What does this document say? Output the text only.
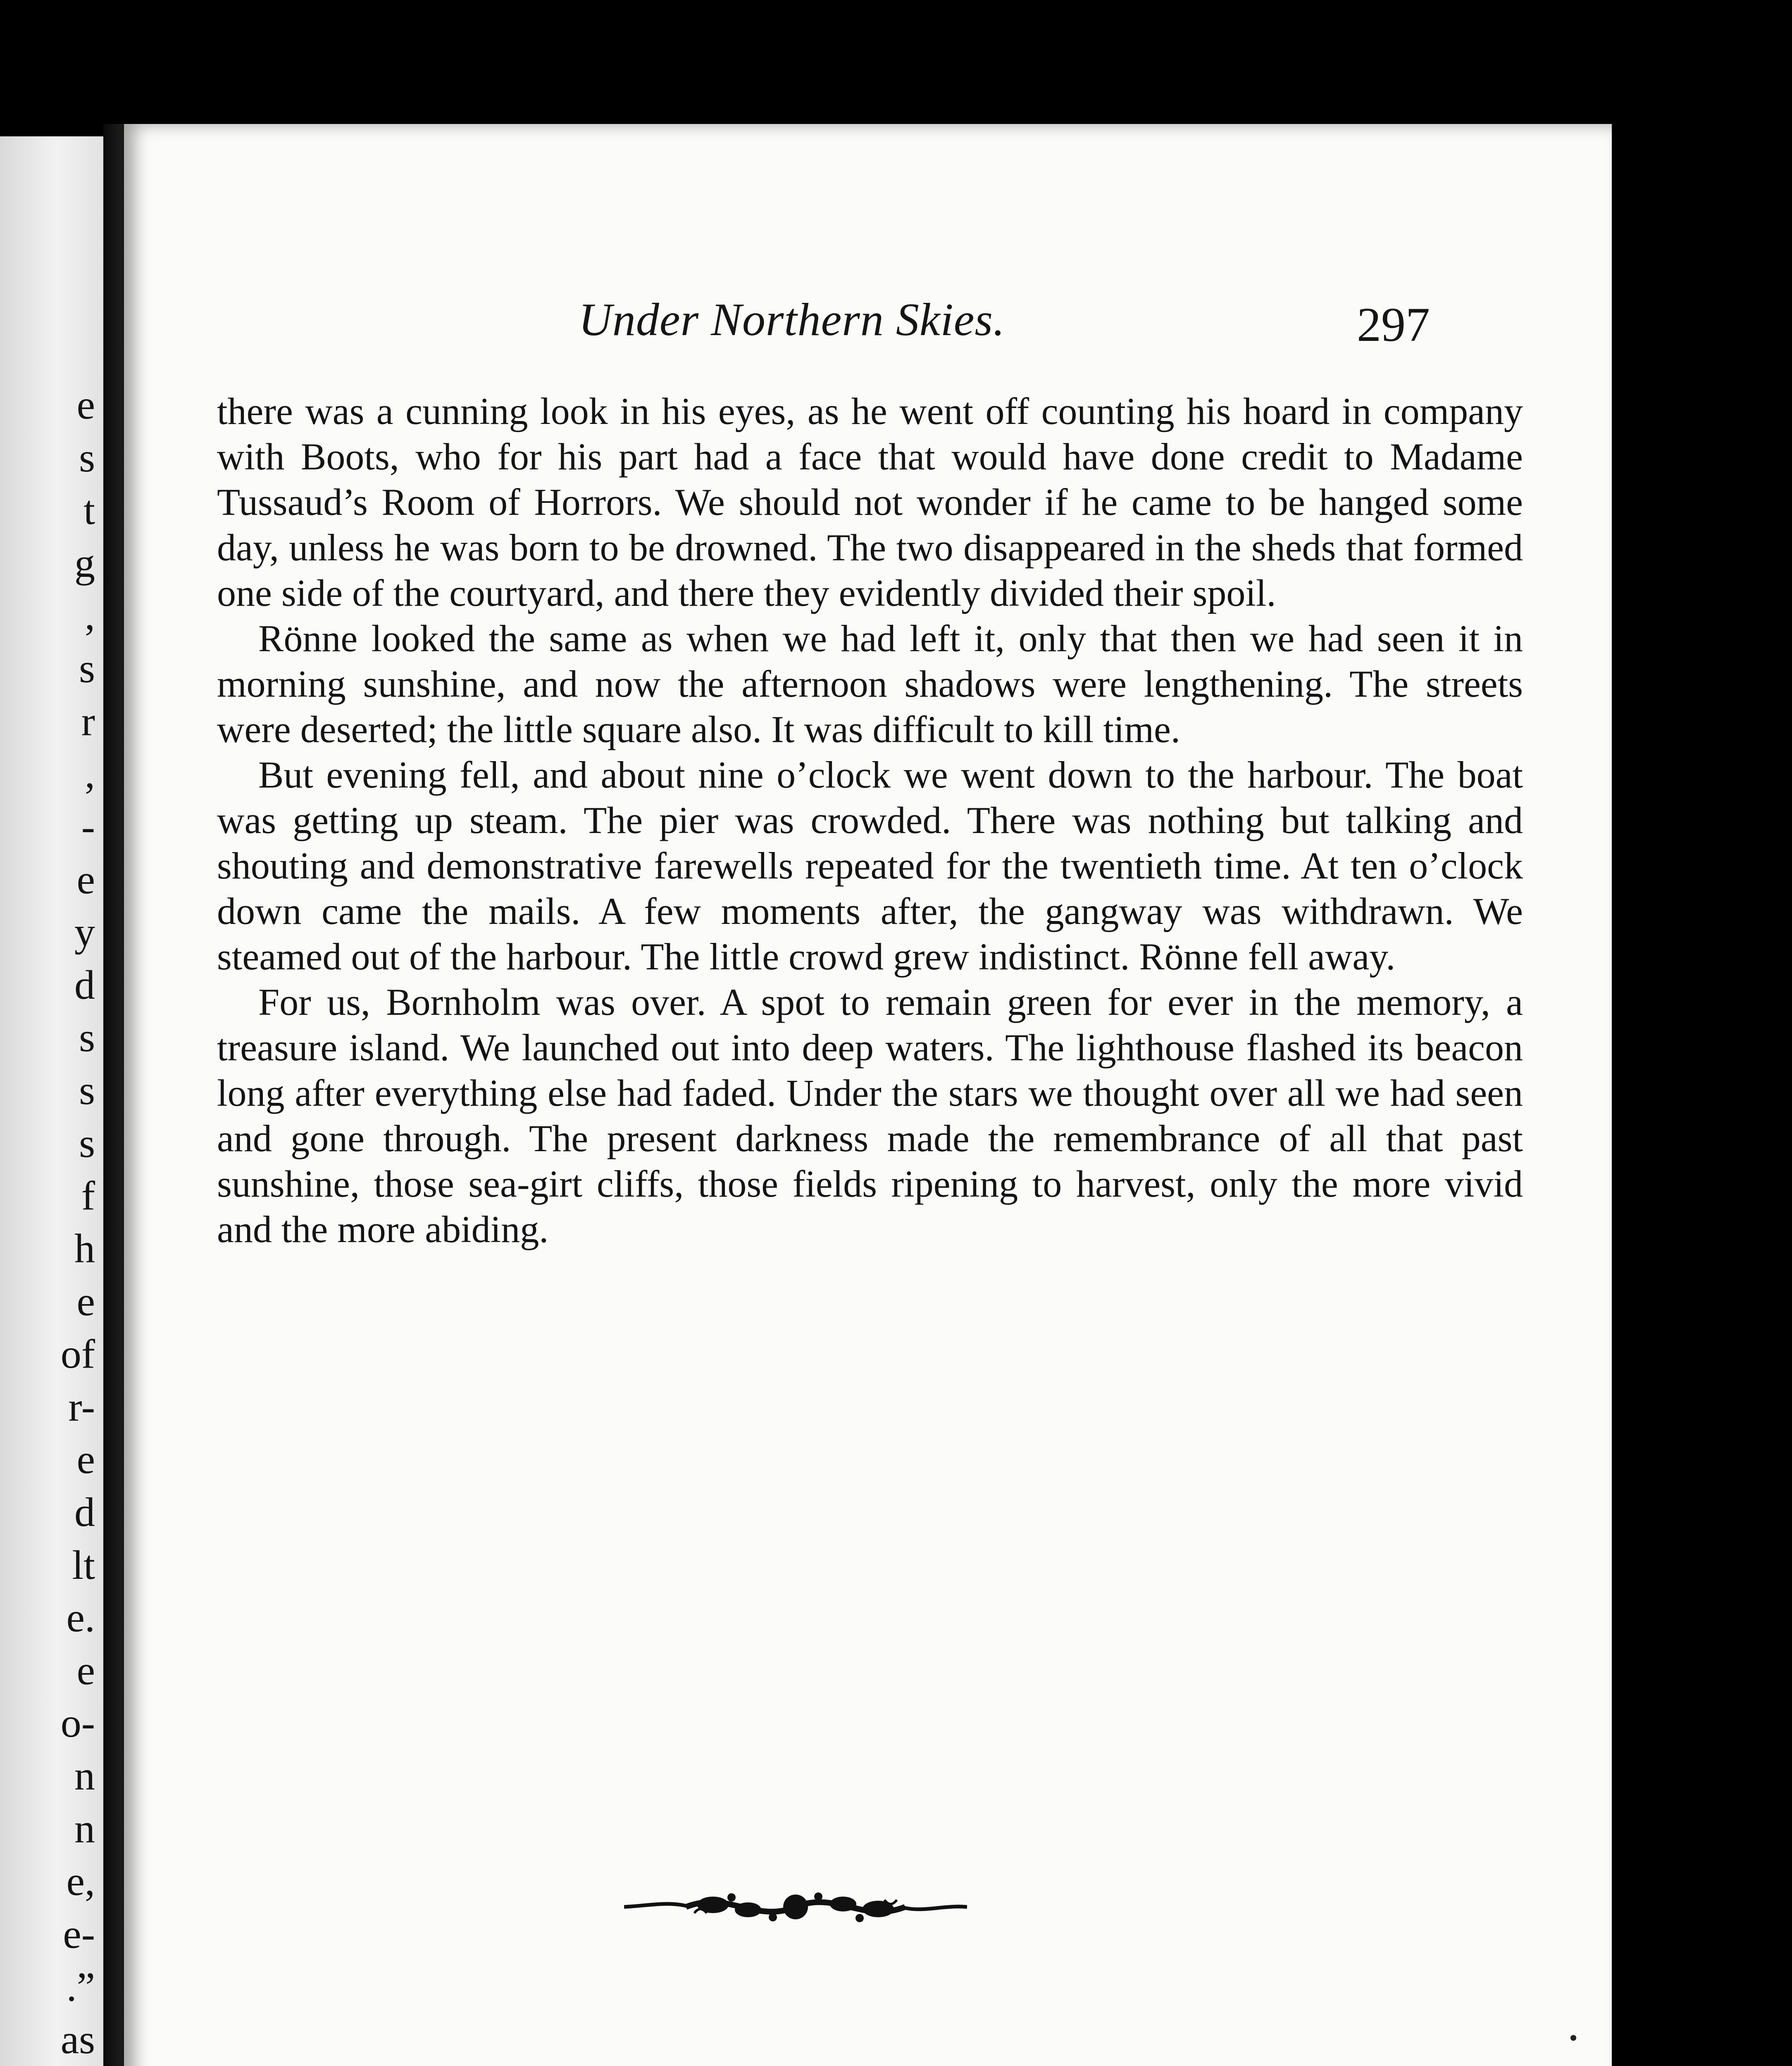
e
s
t
g
,
s
r
,
-
e
y
d
s
s
s
f
h
e
of
r-
e
d
lt
e.
e
o-
n
n
e,
e-
.”
as
Under Northern Skies.	297

there was a cunning look in his eyes, as he went off counting his hoard in company with Boots, who for his part had a face that would have done credit to Madame Tussaud’s Room of Horrors. We should not wonder if he came to be hanged some day, unless he was born to be drowned. The two disappeared in the sheds that formed one side of the courtyard, and there they evidently divided their spoil.

Rönne looked the same as when we had left it, only that then we had seen it in morning sunshine, and now the afternoon shadows were lengthening. The streets were deserted; the little square also. It was difficult to kill time.

But evening fell, and about nine o’clock we went down to the harbour. The boat was getting up steam. The pier was crowded. There was nothing but talking and shouting and demonstrative farewells repeated for the twentieth time. At ten o’clock down came the mails. A few moments after, the gangway was withdrawn. We steamed out of the harbour. The little crowd grew indistinct. Rönne fell away.

For us, Bornholm was over. A spot to remain green for ever in the memory, a treasure island. We launched out into deep waters. The lighthouse flashed its beacon long after everything else had faded. Under the stars we thought over all we had seen and gone through. The present darkness made the remembrance of all that past sunshine, those sea-girt cliffs, those fields ripening to harvest, only the more vivid and the more abiding.
